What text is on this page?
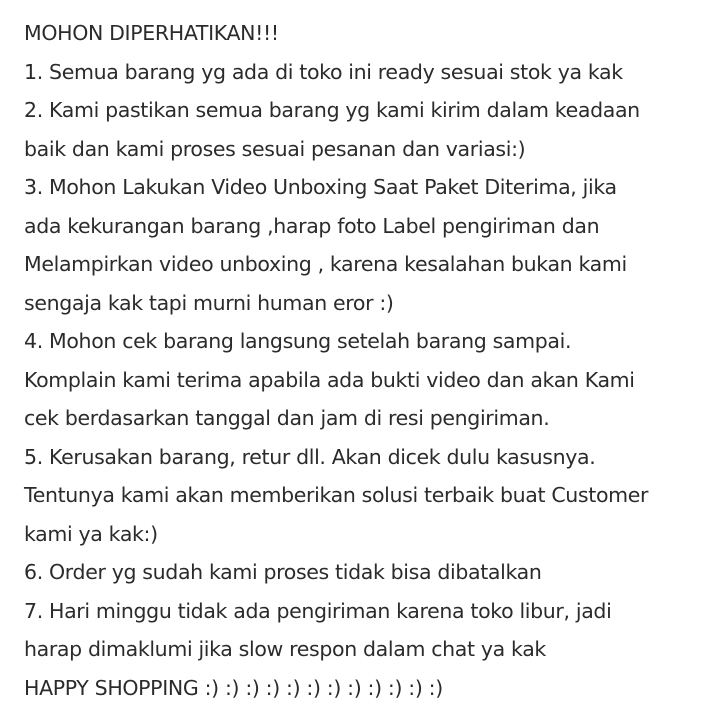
MOHON DIPERHATIKAN!!!
1. Semua barang yg ada di toko ini ready sesuai stok ya kak
2. Kami pastikan semua barang yg kami kirim dalam keadaan
baik dan kami proses sesuai pesanan dan variasi:)
3. Mohon Lakukan Video Unboxing Saat Paket Diterima, jika
ada kekurangan barang ,harap foto Label pengiriman dan
Melampirkan video unboxing , karena kesalahan bukan kami
sengaja kak tapi murni human eror :)
4. Mohon cek barang langsung setelah barang sampai.
Komplain kami terima apabila ada bukti video dan akan Kami
cek berdasarkan tanggal dan jam di resi pengiriman.
5. Kerusakan barang, retur dll. Akan dicek dulu kasusnya.
Tentunya kami akan memberikan solusi terbaik buat Customer
kami ya kak:)
6. Order yg sudah kami proses tidak bisa dibatalkan
7. Hari minggu tidak ada pengiriman karena toko libur, jadi
harap dimaklumi jika slow respon dalam chat ya kak
HAPPY SHOPPING :) :) :) :) :) :) :) :) :) :) :) :)
